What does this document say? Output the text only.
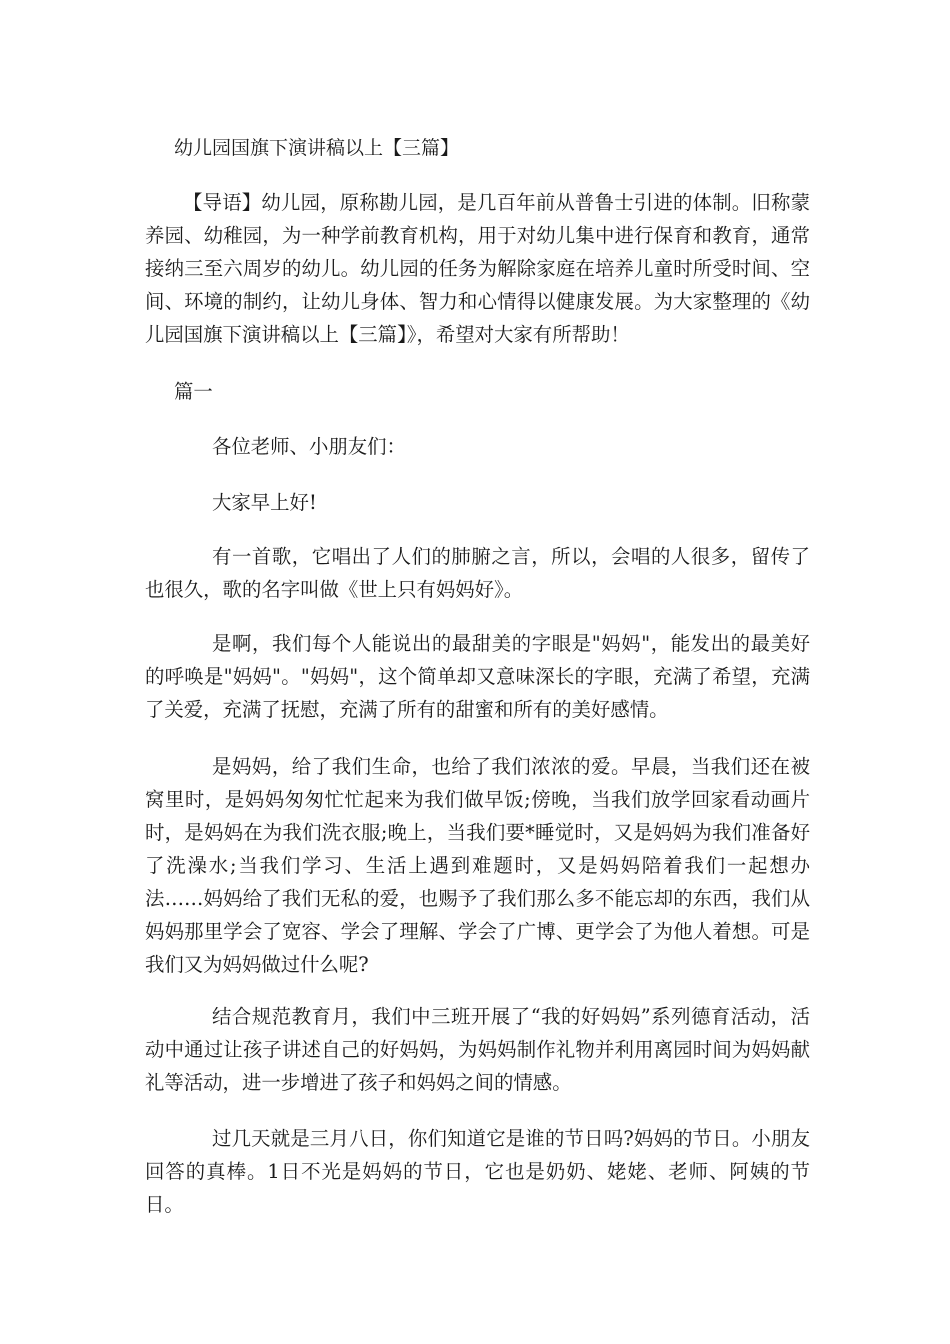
幼儿园国旗下演讲稿以上【三篇】

【导语】幼儿园，原称勘儿园，是几百年前从普鲁士引进的体制。旧称蒙养园、幼稚园，为一种学前教育机构，用于对幼儿集中进行保育和教育，通常接纳三至六周岁的幼儿。幼儿园的任务为解除家庭在培养儿童时所受时间、空间、环境的制约，让幼儿身体、智力和心情得以健康发展。为大家整理的《幼儿园国旗下演讲稿以上【三篇】》，希望对大家有所帮助！

篇一

各位老师、小朋友们：

大家早上好!

有一首歌，它唱出了人们的肺腑之言，所以，会唱的人很多，留传了也很久，歌的名字叫做《世上只有妈妈好》。

是啊，我们每个人能说出的最甜美的字眼是"妈妈"，能发出的最美好的呼唤是"妈妈"。"妈妈"，这个简单却又意味深长的字眼，充满了希望，充满了关爱，充满了抚慰，充满了所有的甜蜜和所有的美好感情。

是妈妈，给了我们生命，也给了我们浓浓的爱。早晨，当我们还在被窝里时，是妈妈匆匆忙忙起来为我们做早饭;傍晚，当我们放学回家看动画片时，是妈妈在为我们洗衣服;晚上，当我们要*睡觉时，又是妈妈为我们准备好了洗澡水;当我们学习、生活上遇到难题时，又是妈妈陪着我们一起想办法……妈妈给了我们无私的爱，也赐予了我们那么多不能忘却的东西，我们从妈妈那里学会了宽容、学会了理解、学会了广博、更学会了为他人着想。可是我们又为妈妈做过什么呢?

结合规范教育月，我们中三班开展了“我的好妈妈”系列德育活动，活动中通过让孩子讲述自己的好妈妈，为妈妈制作礼物并利用离园时间为妈妈献礼等活动，进一步增进了孩子和妈妈之间的情感。

过几天就是三月八日，你们知道它是谁的节日吗?妈妈的节日。小朋友回答的真棒。1日不光是妈妈的节日，它也是奶奶、姥姥、老师、阿姨的节日。
